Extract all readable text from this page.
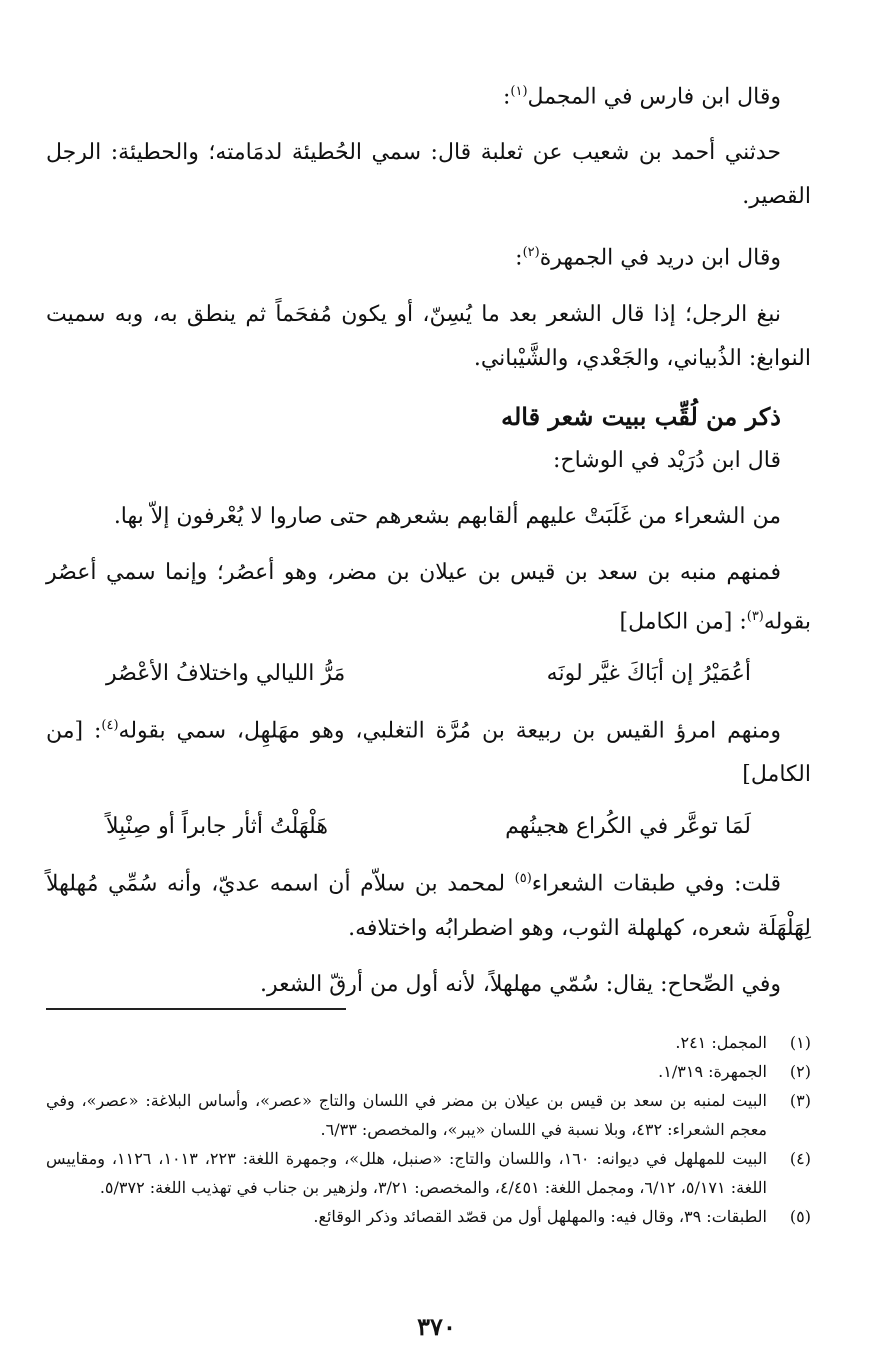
وقال ابن فارس في المجمل$^{(١)}$:

حدثني أحمد بن شعيب عن ثعلبة قال: سمي الحُطيئة لدمَامته؛ والحطيئة: الرجل القصير.

وقال ابن دريد في الجمهرة$^{(٢)}$:

نبغ الرجل؛ إذا قال الشعر بعد ما يُسِنّ، أو يكون مُفحَماً ثم ينطق به، وبه سميت النوابغ: الذُبياني، والجَعْدي، والشَّيْباني.

ذكر من لُقِّب ببيت شعر قاله

قال ابن دُرَيْد في الوشاح:

من الشعراء من غَلَبَتْ عليهم ألقابهم بشعرهم حتى صاروا لا يُعْرفون إلاّ بها.

فمنهم منبه بن سعد بن قيس بن عيلان بن مضر، وهو أعصُر؛ وإنما سمي أعصُر بقوله$^{(٣)}$: [من الكامل]

أعُمَيْرُ إن أبَاكَ غيَّر لونَه
مَرُّ الليالي واختلافُ الأعْصُر

ومنهم امرؤ القيس بن ربيعة بن مُرَّة التغلبي، وهو مهَلهِل، سمي بقوله$^{(٤)}$: [من الكامل]

لَمَا توعَّر في الكُراع هجينُهم
هَلْهَلْتُ أثأر جابراً أو صِنْبِلاً

قلت: وفي طبقات الشعراء$^{(٥)}$ لمحمد بن سلاّم أن اسمه عديّ، وأنه سُمِّي مُهلهلاً لِهَلْهَلَة شعره، كهلهلة الثوب، وهو اضطرابُه واختلافه.

وفي الصِّحاح: يقال: سُمّي مهلهلاً، لأنه أول من أرقّ الشعر.

(١)
المجمل: ٢٤١.
(٢)
الجمهرة: ١/٣١٩.
(٣)
البيت لمنبه بن سعد بن قيس بن عيلان بن مضر في اللسان والتاج «عصر»، وأساس البلاغة: «عصر»، وفي معجم الشعراء: ٤٣٢، وبلا نسبة في اللسان «يبر»، والمخصص: ٦/٣٣.
(٤)
البيت للمهلهل في ديوانه: ١٦٠، واللسان والتاج: «صنبل، هلل»، وجمهرة اللغة: ٢٢٣، ١٠١٣، ١١٢٦، ومقاييس اللغة: ٥/١٧١، ٦/١٢، ومجمل اللغة: ٤/٤٥١، والمخصص: ٣/٢١، ولزهير بن جناب في تهذيب اللغة: ٥/٣٧٢.
(٥)
الطبقات: ٣٩، وقال فيه: والمهلهل أول من قصّد القصائد وذكر الوقائع.
٣٧٠
